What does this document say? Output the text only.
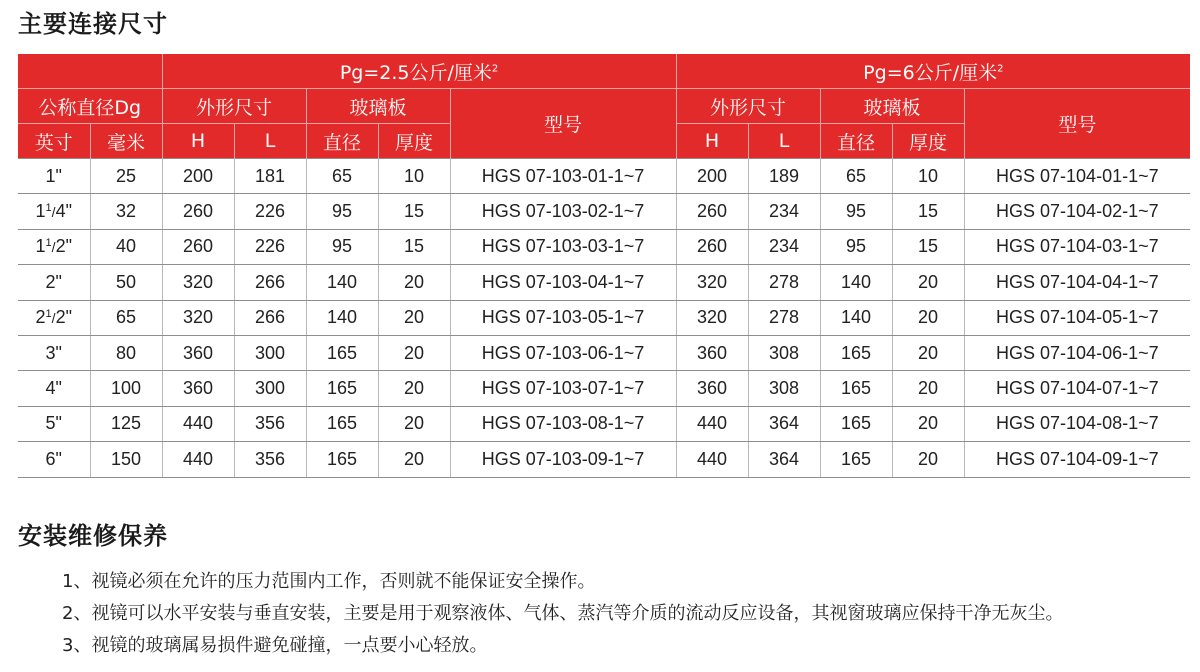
主要连接尺寸
		Pg=2.5公斤/厘米$^2$					Pg=6公斤/厘米$^2$
公称直径Dg		外形尺寸		玻璃板		型号	外形尺寸		玻璃板		型号
英寸	毫米	H	L	直径	厚度		H	L	直径	厚度	
1"	25	200	181	65	10	HGS 07-103-01-1~7	200	189	65	10	HGS 07-104-01-1~7
$1^1/4$"	32	260	226	95	15	HGS 07-103-02-1~7	260	234	95	15	HGS 07-104-02-1~7
$1^1/2$"	40	260	226	95	15	HGS 07-103-03-1~7	260	234	95	15	HGS 07-104-03-1~7
2"	50	320	266	140	20	HGS 07-103-04-1~7	320	278	140	20	HGS 07-104-04-1~7
$2^1/2$"	65	320	266	140	20	HGS 07-103-05-1~7	320	278	140	20	HGS 07-104-05-1~7
3"	80	360	300	165	20	HGS 07-103-06-1~7	360	308	165	20	HGS 07-104-06-1~7
4"	100	360	300	165	20	HGS 07-103-07-1~7	360	308	165	20	HGS 07-104-07-1~7
5"	125	440	356	165	20	HGS 07-103-08-1~7	440	364	165	20	HGS 07-104-08-1~7
6"	150	440	356	165	20	HGS 07-103-09-1~7	440	364	165	20	HGS 07-104-09-1~7
安装维修保养
1、视镜必须在允许的压力范围内工作，否则就不能保证安全操作。
2、视镜可以水平安装与垂直安装，主要是用于观察液体、气体、蒸汽等介质的流动反应设备，其视窗玻璃应保持干净无灰尘。
3、视镜的玻璃属易损件避免碰撞，一点要小心轻放。
